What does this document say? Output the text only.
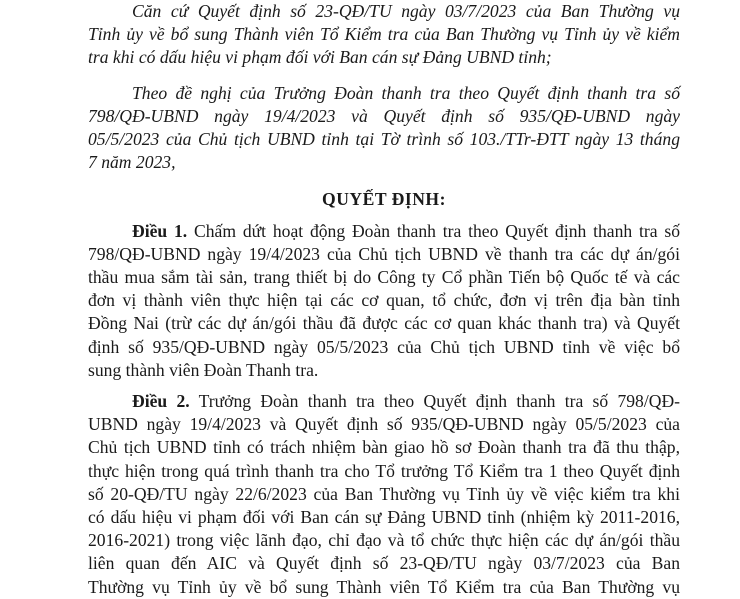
Căn cứ Quyết định số 23-QĐ/TU ngày 03/7/2023 của Ban Thường vụ
Tỉnh ủy về bổ sung Thành viên Tổ Kiểm tra của Ban Thường vụ Tỉnh ủy về kiểm
tra khi có dấu hiệu vi phạm đối với Ban cán sự Đảng UBND tỉnh;
Theo đề nghị của Trưởng Đoàn thanh tra theo Quyết định thanh tra số
798/QĐ-UBND ngày 19/4/2023 và Quyết định số 935/QĐ-UBND ngày
05/5/2023 của Chủ tịch UBND tỉnh tại Tờ trình số 103./TTr-ĐTT ngày 13 tháng
7 năm 2023,
QUYẾT ĐỊNH:
Điều 1. Chấm dứt hoạt động Đoàn thanh tra theo Quyết định thanh tra số
798/QĐ-UBND ngày 19/4/2023 của Chủ tịch UBND về thanh tra các dự án/gói
thầu mua sắm tài sản, trang thiết bị do Công ty Cổ phần Tiến bộ Quốc tế và các
đơn vị thành viên thực hiện tại các cơ quan, tổ chức, đơn vị trên địa bàn tỉnh
Đồng Nai (trừ các dự án/gói thầu đã được các cơ quan khác thanh tra) và Quyết
định số 935/QĐ-UBND ngày 05/5/2023 của Chủ tịch UBND tỉnh về việc bổ
sung thành viên Đoàn Thanh tra.
Điều 2. Trưởng Đoàn thanh tra theo Quyết định thanh tra số 798/QĐ-
UBND ngày 19/4/2023 và Quyết định số 935/QĐ-UBND ngày 05/5/2023 của
Chủ tịch UBND tỉnh có trách nhiệm bàn giao hồ sơ Đoàn thanh tra đã thu thập,
thực hiện trong quá trình thanh tra cho Tổ trưởng Tổ Kiểm tra 1 theo Quyết định
số 20-QĐ/TU ngày 22/6/2023 của Ban Thường vụ Tỉnh ủy về việc kiểm tra khi
có dấu hiệu vi phạm đối với Ban cán sự Đảng UBND tỉnh (nhiệm kỳ 2011-2016,
2016-2021) trong việc lãnh đạo, chỉ đạo và tổ chức thực hiện các dự án/gói thầu
liên quan đến AIC và Quyết định số 23-QĐ/TU ngày 03/7/2023 của Ban
Thường vụ Tỉnh ủy về bổ sung Thành viên Tổ Kiểm tra của Ban Thường vụ
